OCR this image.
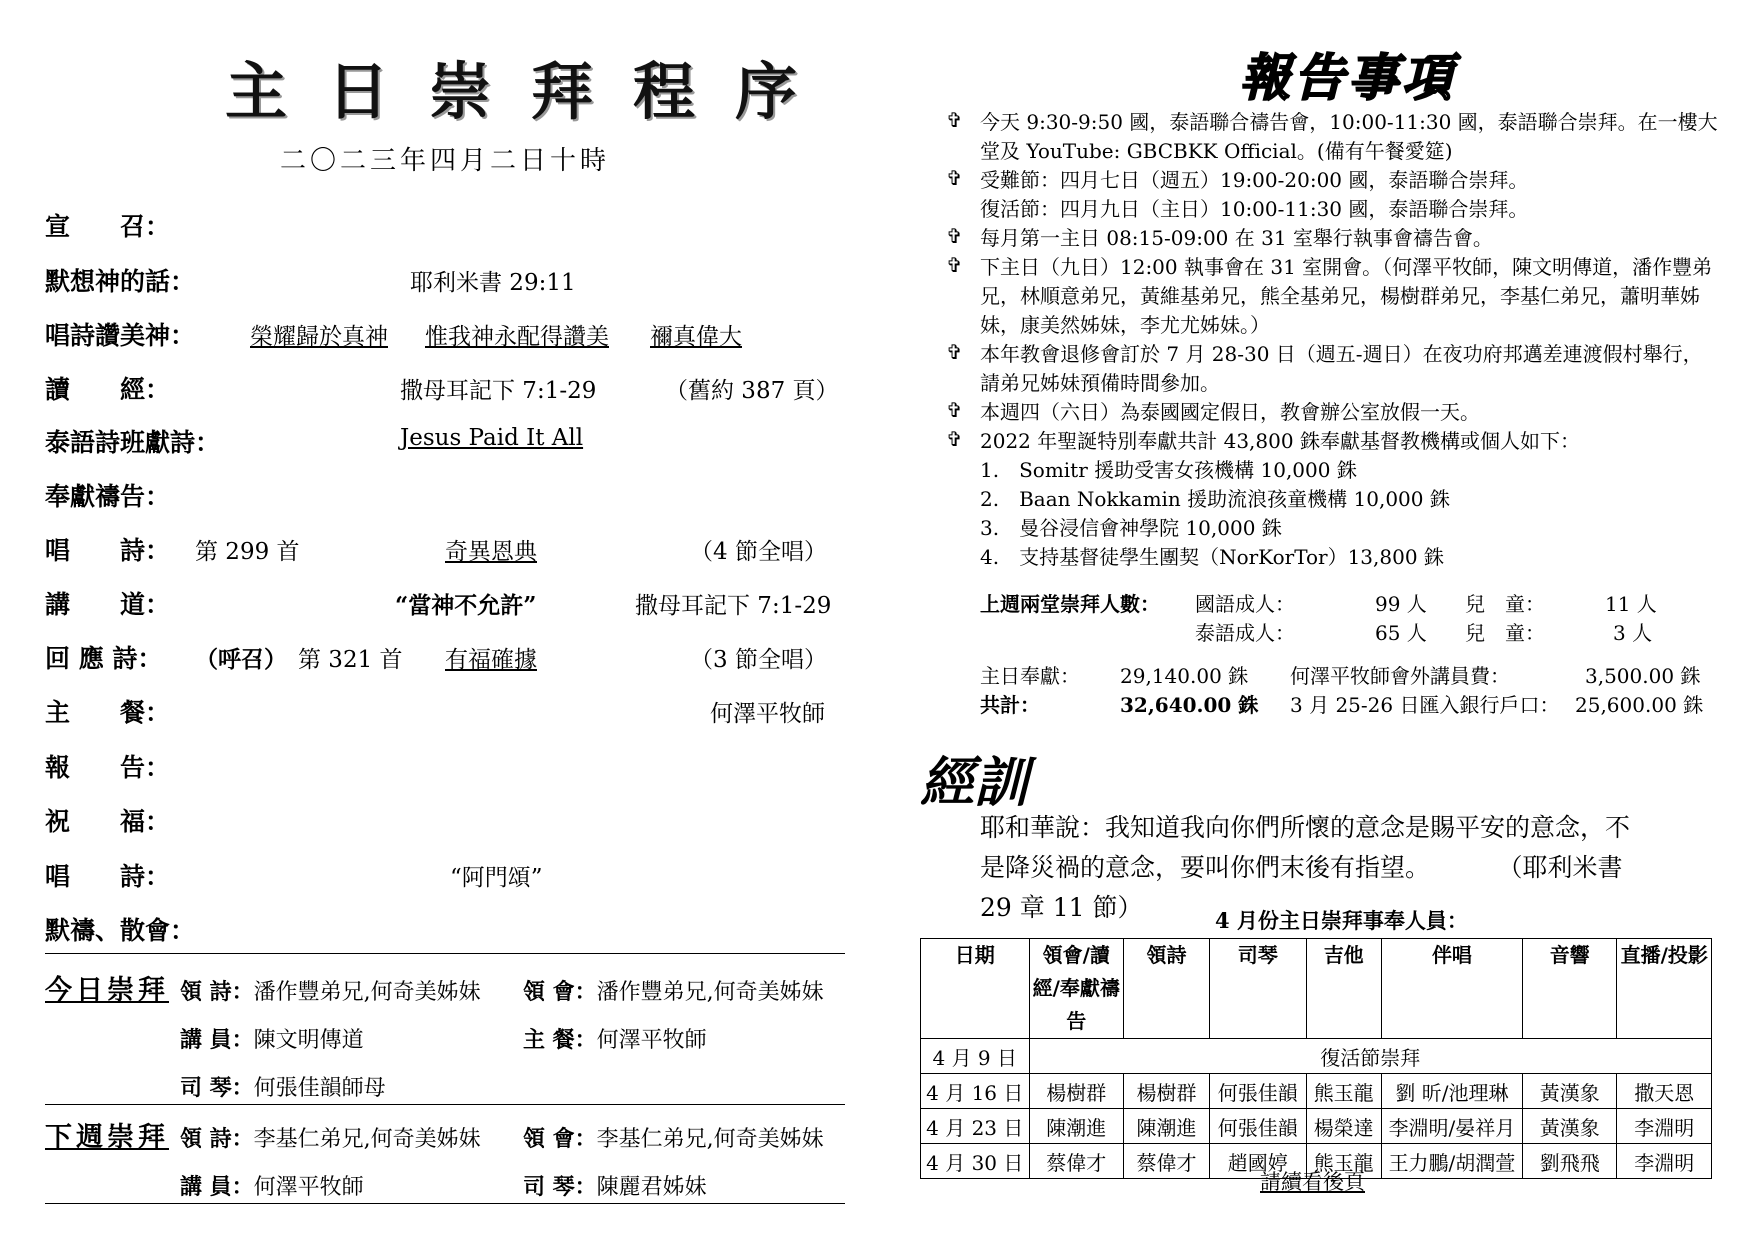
主日崇拜程序
二〇二三年四月二日十時
宣　　召：
默想神的話：	耶利米書 29:11
唱詩讚美神： 榮耀歸於真神 惟我神永配得讚美 禰真偉大
讀　　經：	撒母耳記下 7:1-29	（舊約 387 頁）
泰語詩班獻詩：	Jesus Paid It All
奉獻禱告：
唱　　詩： 第 299 首	奇異恩典	（4 節全唱）
講　　道：	“當神不允許”	撒母耳記下 7:1-29
回 應 詩： （呼召） 第 321 首 有福確據	（3 節全唱）
主　　餐：	何澤平牧師
報　　告：
祝　　福：
唱　　詩：	“阿門頌”
默禱、散會：
今日崇拜 領 詩：潘作豐弟兄,何奇美姊妹 領 會：潘作豐弟兄,何奇美姊妹
講 員：陳文明傳道	主 餐：何澤平牧師
司 琴：何張佳韻師母
下週崇拜 領 詩：李基仁弟兄,何奇美姊妹 領 會：李基仁弟兄,何奇美姊妹
講 員：何澤平牧師	司 琴：陳麗君姊妹
報告事項
✞ 今天 9:30-9:50 國，泰語聯合禱告會，10:00-11:30 國，泰語聯合崇拜。在一樓大堂及 YouTube: GBCBKK Official。(備有午餐愛筵)
✞ 受難節：四月七日（週五）19:00-20:00 國，泰語聯合崇拜。
復活節：四月九日（主日）10:00-11:30 國，泰語聯合崇拜。
✞ 每月第一主日 08:15-09:00 在 31 室舉行執事會禱告會。
✞ 下主日（九日）12:00 執事會在 31 室開會。（何澤平牧師，陳文明傳道，潘作豐弟兄，林順意弟兄，黃維基弟兄，熊全基弟兄，楊樹群弟兄，李基仁弟兄，蕭明華姊妹，康美然姊妹，李尤尤姊妹。）
✞ 本年教會退修會訂於 7 月 28-30 日（週五-週日）在夜功府邦邁差連渡假村舉行，請弟兄姊妹預備時間參加。
✞ 本週四（六日）為泰國國定假日，教會辦公室放假一天。
✞ 2022 年聖誕特別奉獻共計 43,800 銖奉獻基督教機構或個人如下：
1.　Somitr 援助受害女孩機構 10,000 銖
2.　Baan Nokkamin 援助流浪孩童機構 10,000 銖
3.　曼谷浸信會神學院 10,000 銖
4.　支持基督徒學生團契（NorKorTor）13,800 銖
上週兩堂崇拜人數： 國語成人：	99 人 兒　童：	11 人
泰語成人：	65 人 兒　童：	3 人
主日奉獻： 29,140.00 銖 何澤平牧師會外講員費：	3,500.00 銖
共計：	32,640.00 銖 3 月 25-26 日匯入銀行戶口： 25,600.00 銖
經訓
耶和華說：我知道我向你們所懷的意念是賜平安的意念，不是降災禍的意念，要叫你們末後有指望。	（耶利米書 29 章 11 節）	4 月份主日崇拜事奉人員：
日期	領會/讀經/奉獻禱告	領詩	司琴	吉他	伴唱	音響	直播/投影
4 月 9 日	復活節崇拜						
4 月 16 日	楊樹群	楊樹群	何張佳韻	熊玉龍	劉 昕/池理琳	黃漢象	撒天恩
4 月 23 日	陳潮進	陳潮進	何張佳韻	楊榮達	李淵明/晏祥月	黃漢象	李淵明
4 月 30 日	蔡偉才	蔡偉才	趙國婷	熊玉龍	王力鵬/胡潤萱	劉飛飛	李淵明
請續看後頁
